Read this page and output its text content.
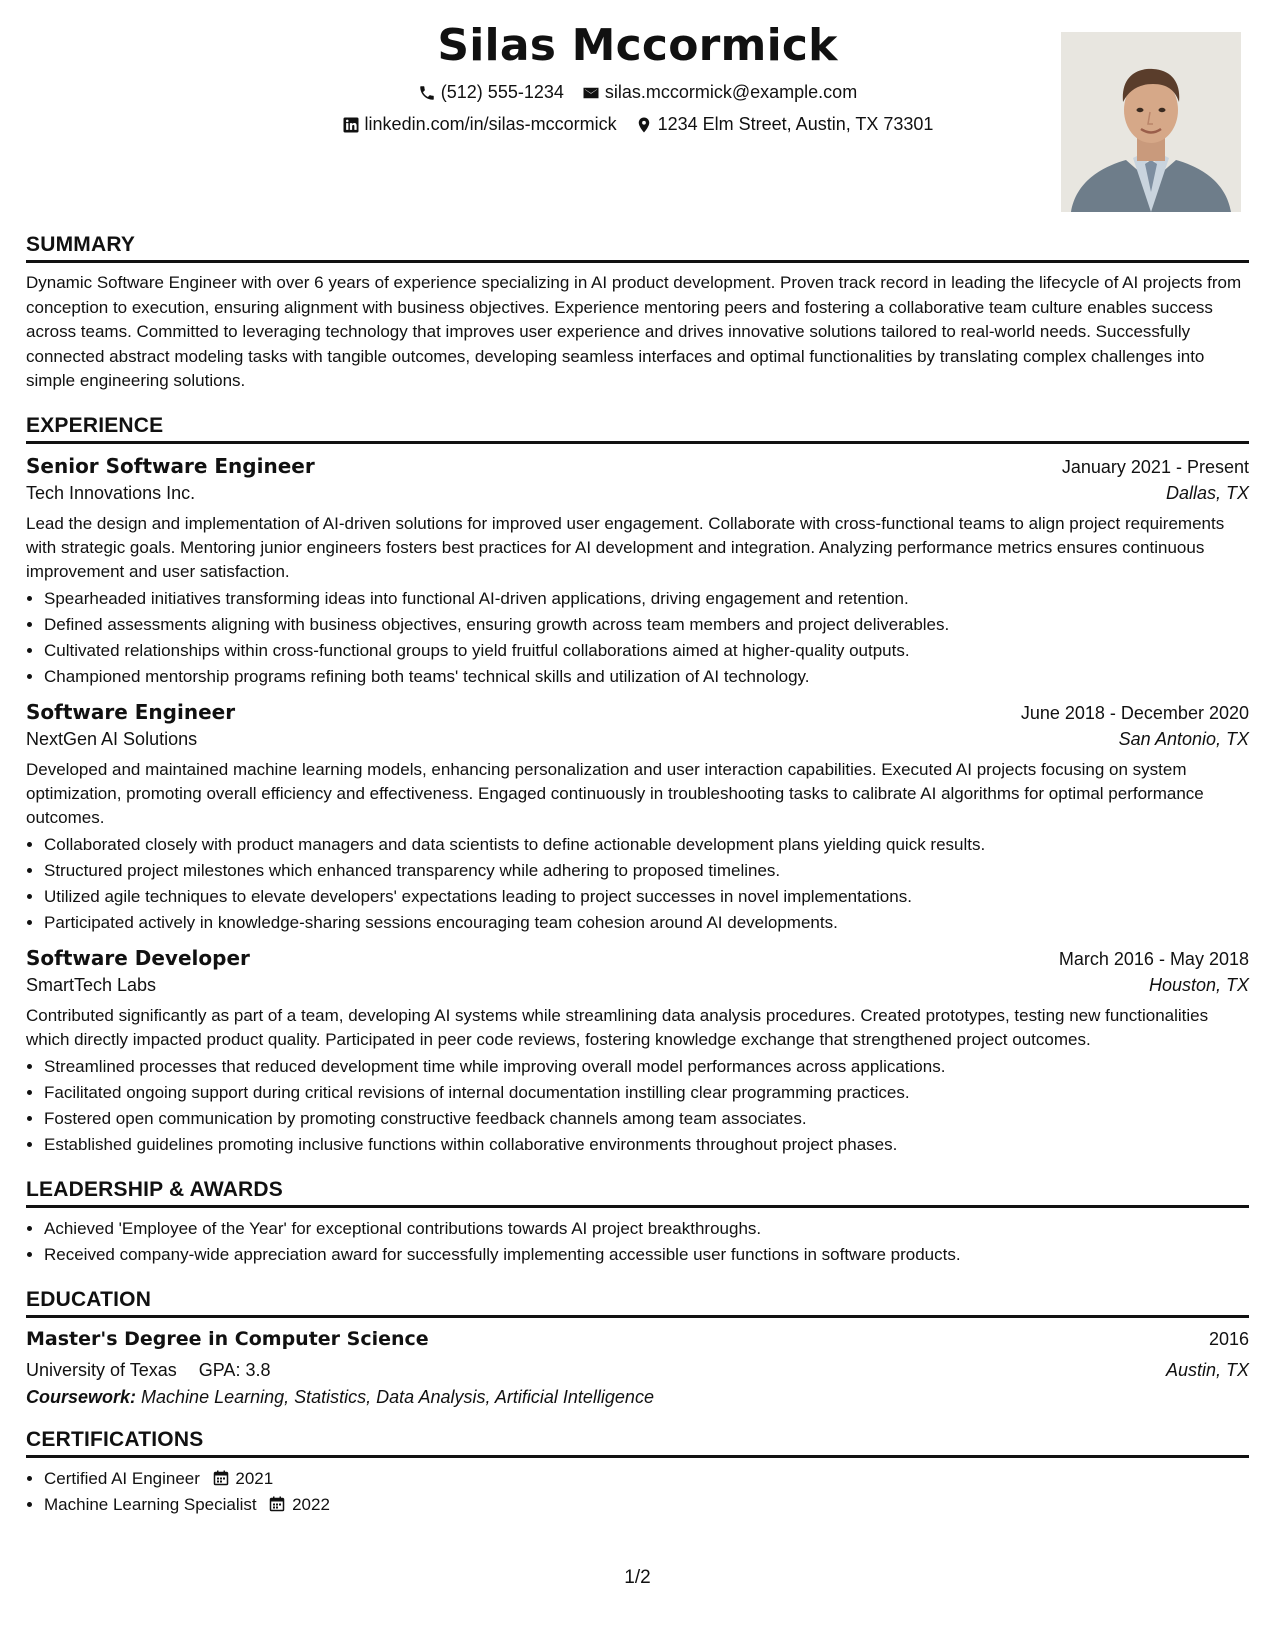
Silas Mccormick
(512) 555-1234 silas.mccormick@example.com
linkedin.com/in/silas-mccormick 1234 Elm Street, Austin, TX 73301
SUMMARY

Dynamic Software Engineer with over 6 years of experience specializing in AI product development. Proven track record in leading the lifecycle of AI projects from conception to execution, ensuring alignment with business objectives. Experience mentoring peers and fostering a collaborative team culture enables success across teams. Committed to leveraging technology that improves user experience and drives innovative solutions tailored to real-world needs. Successfully connected abstract modeling tasks with tangible outcomes, developing seamless interfaces and optimal functionalities by translating complex challenges into simple engineering solutions.

EXPERIENCE
Senior Software Engineer	January 2021 - Present
Tech Innovations Inc.	Dallas, TX

Lead the design and implementation of AI-driven solutions for improved user engagement. Collaborate with cross-functional teams to align project requirements with strategic goals. Mentoring junior engineers fosters best practices for AI development and integration. Analyzing performance metrics ensures continuous improvement and user satisfaction.

• Spearheaded initiatives transforming ideas into functional AI-driven applications, driving engagement and retention.
• Defined assessments aligning with business objectives, ensuring growth across team members and project deliverables.
• Cultivated relationships within cross-functional groups to yield fruitful collaborations aimed at higher-quality outputs.
• Championed mentorship programs refining both teams' technical skills and utilization of AI technology.
Software Engineer	June 2018 - December 2020
NextGen AI Solutions	San Antonio, TX

Developed and maintained machine learning models, enhancing personalization and user interaction capabilities. Executed AI projects focusing on system optimization, promoting overall efficiency and effectiveness. Engaged continuously in troubleshooting tasks to calibrate AI algorithms for optimal performance outcomes.

• Collaborated closely with product managers and data scientists to define actionable development plans yielding quick results.
• Structured project milestones which enhanced transparency while adhering to proposed timelines.
• Utilized agile techniques to elevate developers' expectations leading to project successes in novel implementations.
• Participated actively in knowledge-sharing sessions encouraging team cohesion around AI developments.
Software Developer	March 2016 - May 2018
SmartTech Labs	Houston, TX

Contributed significantly as part of a team, developing AI systems while streamlining data analysis procedures. Created prototypes, testing new functionalities which directly impacted product quality. Participated in peer code reviews, fostering knowledge exchange that strengthened project outcomes.

• Streamlined processes that reduced development time while improving overall model performances across applications.
• Facilitated ongoing support during critical revisions of internal documentation instilling clear programming practices.
• Fostered open communication by promoting constructive feedback channels among team associates.
• Established guidelines promoting inclusive functions within collaborative environments throughout project phases.
LEADERSHIP & AWARDS
• Achieved 'Employee of the Year' for exceptional contributions towards AI project breakthroughs.
• Received company-wide appreciation award for successfully implementing accessible user functions in software products.
EDUCATION
Master's Degree in Computer Science	2016
University of Texas GPA: 3.8	Austin, TX
Coursework: Machine Learning, Statistics, Data Analysis, Artificial Intelligence
CERTIFICATIONS
• Certified AI Engineer 2021
• Machine Learning Specialist 2022
1/2
